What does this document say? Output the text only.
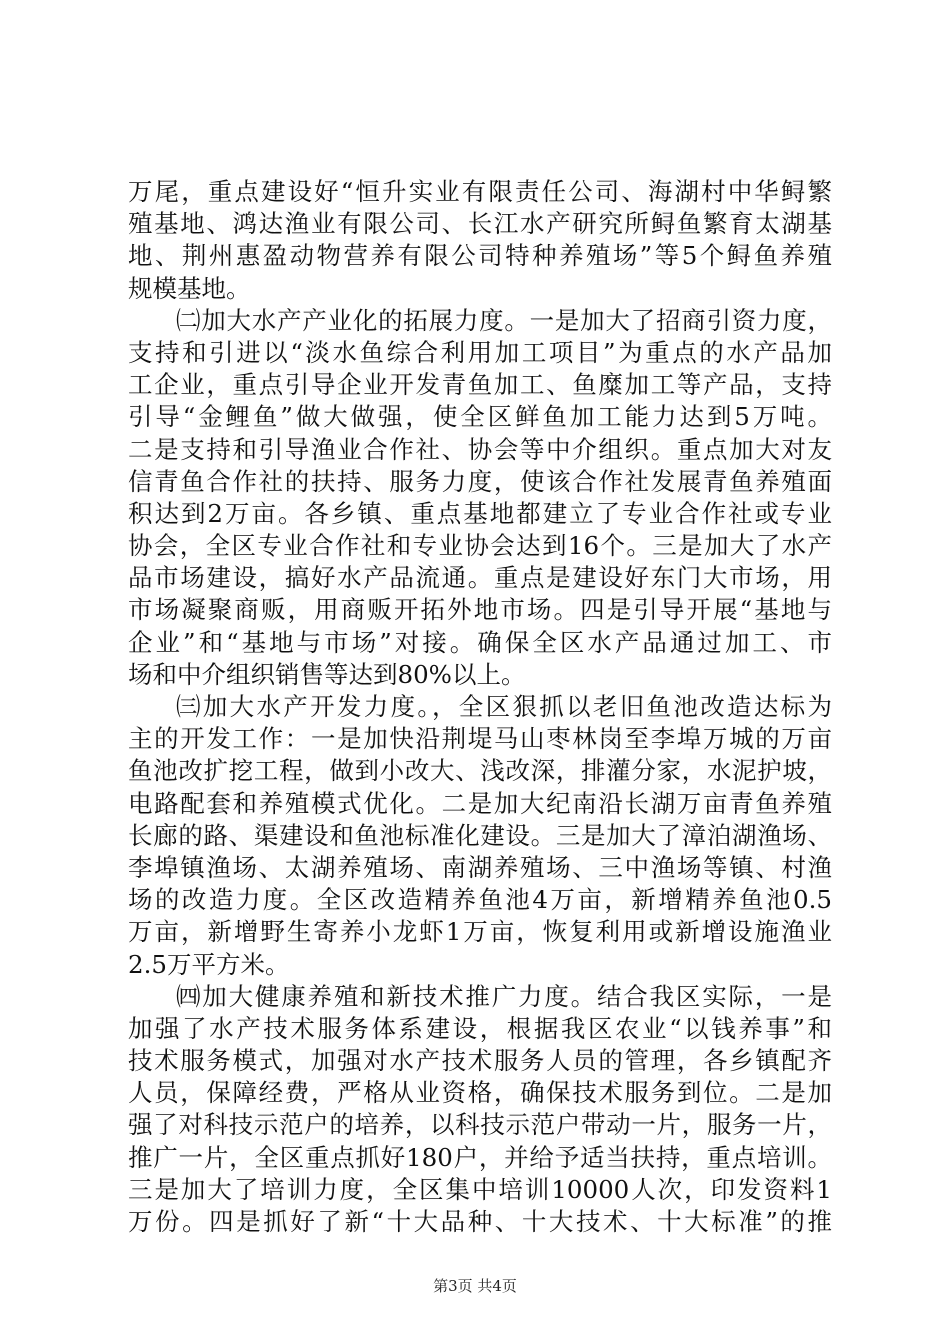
万尾，重点建设好“恒升实业有限责任公司、海湖村中华鲟繁
殖基地、鸿达渔业有限公司、长江水产研究所鲟鱼繁育太湖基
地、荆州惠盈动物营养有限公司特种养殖场”等5个鲟鱼养殖
规模基地。
㈡加大水产产业化的拓展力度。一是加大了招商引资力度，
支持和引进以“淡水鱼综合利用加工项目”为重点的水产品加
工企业，重点引导企业开发青鱼加工、鱼糜加工等产品，支持
引导“金鲤鱼”做大做强，使全区鲜鱼加工能力达到5万吨。
二是支持和引导渔业合作社、协会等中介组织。重点加大对友
信青鱼合作社的扶持、服务力度，使该合作社发展青鱼养殖面
积达到2万亩。各乡镇、重点基地都建立了专业合作社或专业
协会，全区专业合作社和专业协会达到16个。三是加大了水产
品市场建设，搞好水产品流通。重点是建设好东门大市场，用
市场凝聚商贩，用商贩开拓外地市场。四是引导开展“基地与
企业”和“基地与市场”对接。确保全区水产品通过加工、市
场和中介组织销售等达到80%以上。
㈢加大水产开发力度。，全区狠抓以老旧鱼池改造达标为
主的开发工作：一是加快沿荆堤马山枣林岗至李埠万城的万亩
鱼池改扩挖工程，做到小改大、浅改深，排灌分家，水泥护坡，
电路配套和养殖模式优化。二是加大纪南沿长湖万亩青鱼养殖
长廊的路、渠建设和鱼池标准化建设。三是加大了漳泊湖渔场、
李埠镇渔场、太湖养殖场、南湖养殖场、三中渔场等镇、村渔
场的改造力度。全区改造精养鱼池4万亩，新增精养鱼池0.5
万亩，新增野生寄养小龙虾1万亩，恢复利用或新增设施渔业
2.5万平方米。
㈣加大健康养殖和新技术推广力度。结合我区实际，一是
加强了水产技术服务体系建设，根据我区农业“以钱养事”和
技术服务模式，加强对水产技术服务人员的管理，各乡镇配齐
人员，保障经费，严格从业资格，确保技术服务到位。二是加
强了对科技示范户的培养，以科技示范户带动一片，服务一片，
推广一片，全区重点抓好180户，并给予适当扶持，重点培训。
三是加大了培训力度，全区集中培训10000人次，印发资料1
万份。四是抓好了新“十大品种、十大技术、十大标准”的推
第3页 共4页
